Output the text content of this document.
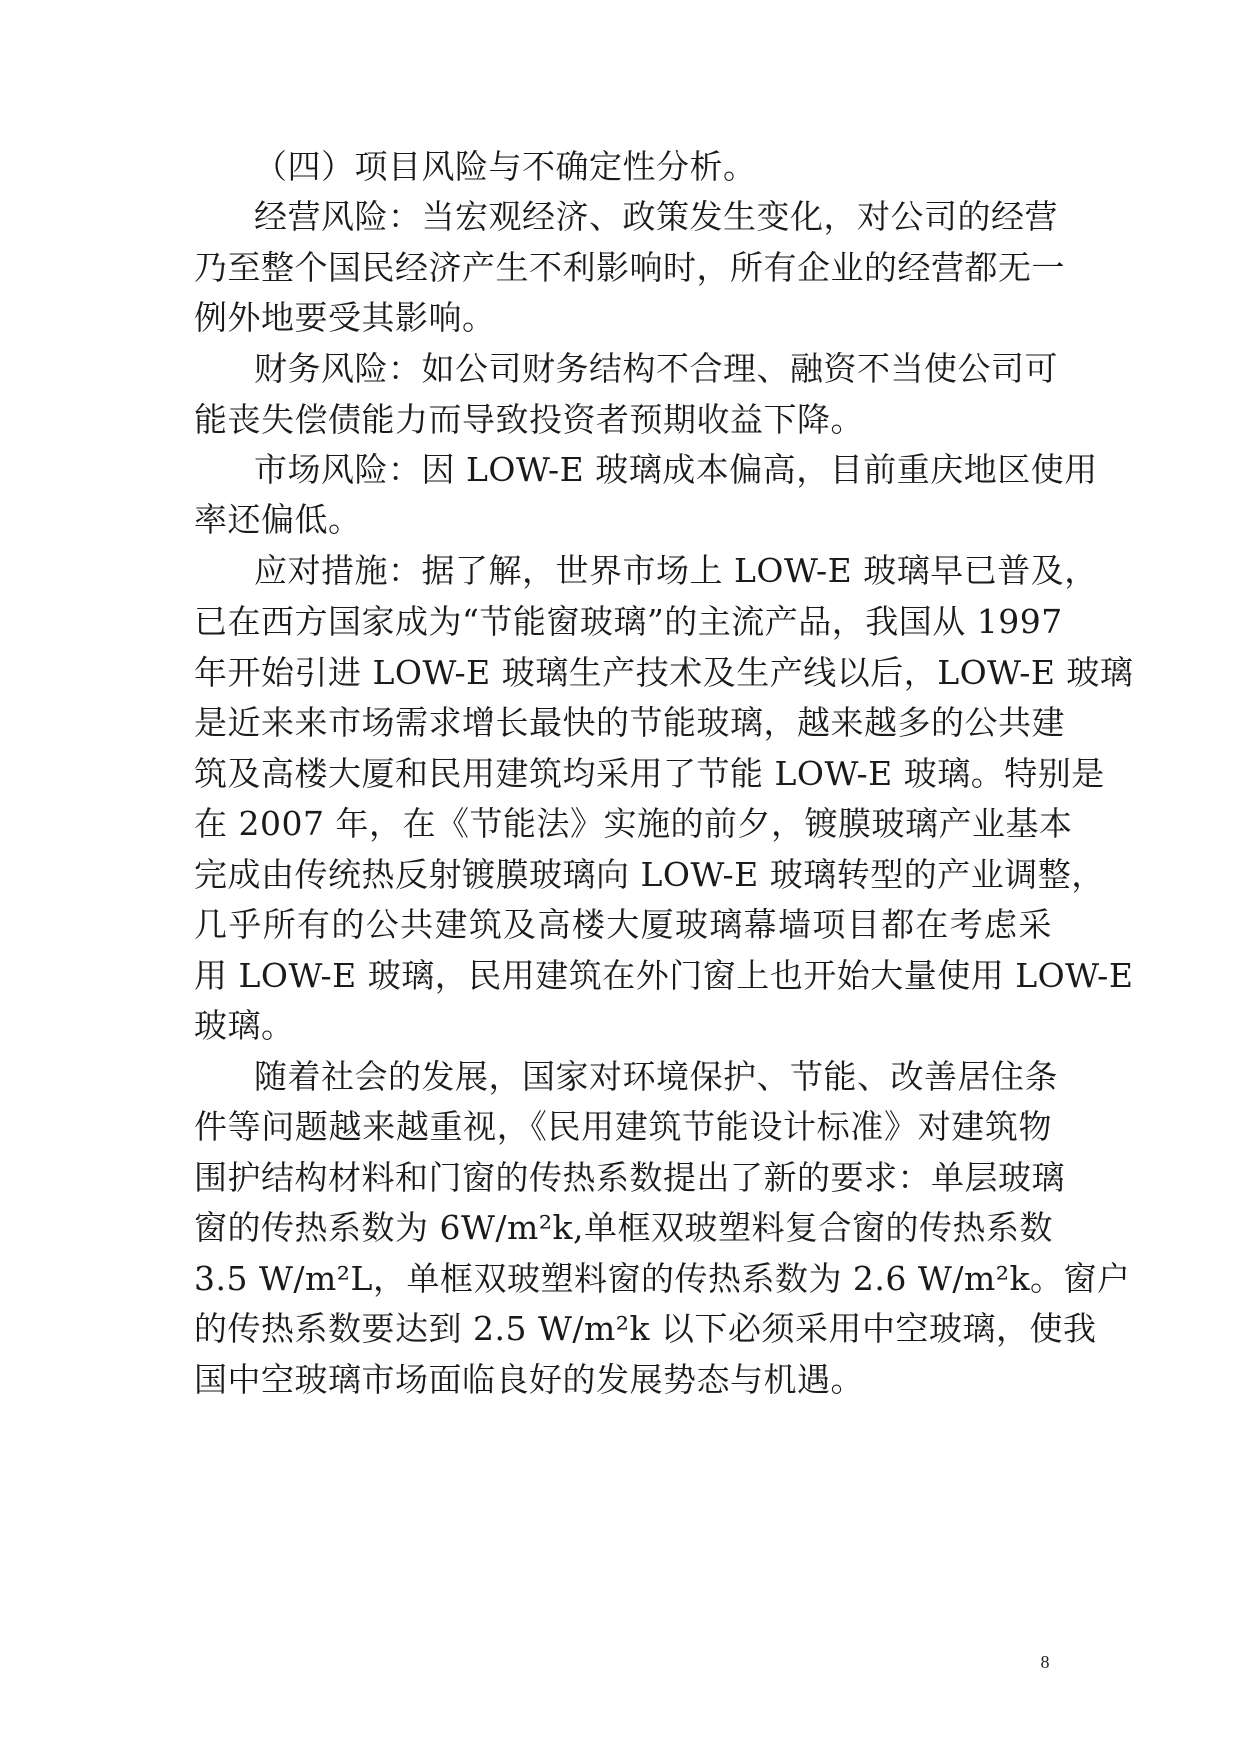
（四）项目风险与不确定性分析。
经营风险：当宏观经济、政策发生变化，对公司的经营
乃至整个国民经济产生不利影响时，所有企业的经营都无一
例外地要受其影响。
财务风险：如公司财务结构不合理、融资不当使公司可
能丧失偿债能力而导致投资者预期收益下降。
市场风险：因 LOW-E 玻璃成本偏高，目前重庆地区使用
率还偏低。
应对措施：据了解，世界市场上 LOW-E 玻璃早已普及，
已在西方国家成为“节能窗玻璃”的主流产品，我国从 1997
年开始引进 LOW-E 玻璃生产技术及生产线以后，LOW-E 玻璃
是近来来市场需求增长最快的节能玻璃，越来越多的公共建
筑及高楼大厦和民用建筑均采用了节能 LOW-E 玻璃。特别是
在 2007 年，在《节能法》实施的前夕，镀膜玻璃产业基本
完成由传统热反射镀膜玻璃向 LOW-E 玻璃转型的产业调整，
几乎所有的公共建筑及高楼大厦玻璃幕墙项目都在考虑采
用 LOW-E 玻璃，民用建筑在外门窗上也开始大量使用 LOW-E
玻璃。
随着社会的发展，国家对环境保护、节能、改善居住条
件等问题越来越重视，《民用建筑节能设计标准》对建筑物
围护结构材料和门窗的传热系数提出了新的要求：单层玻璃
窗的传热系数为 6W/m²k,单框双玻塑料复合窗的传热系数
3.5 W/m²L，单框双玻塑料窗的传热系数为 2.6 W/m²k。窗户
的传热系数要达到 2.5 W/m²k 以下必须采用中空玻璃，使我
国中空玻璃市场面临良好的发展势态与机遇。
8
